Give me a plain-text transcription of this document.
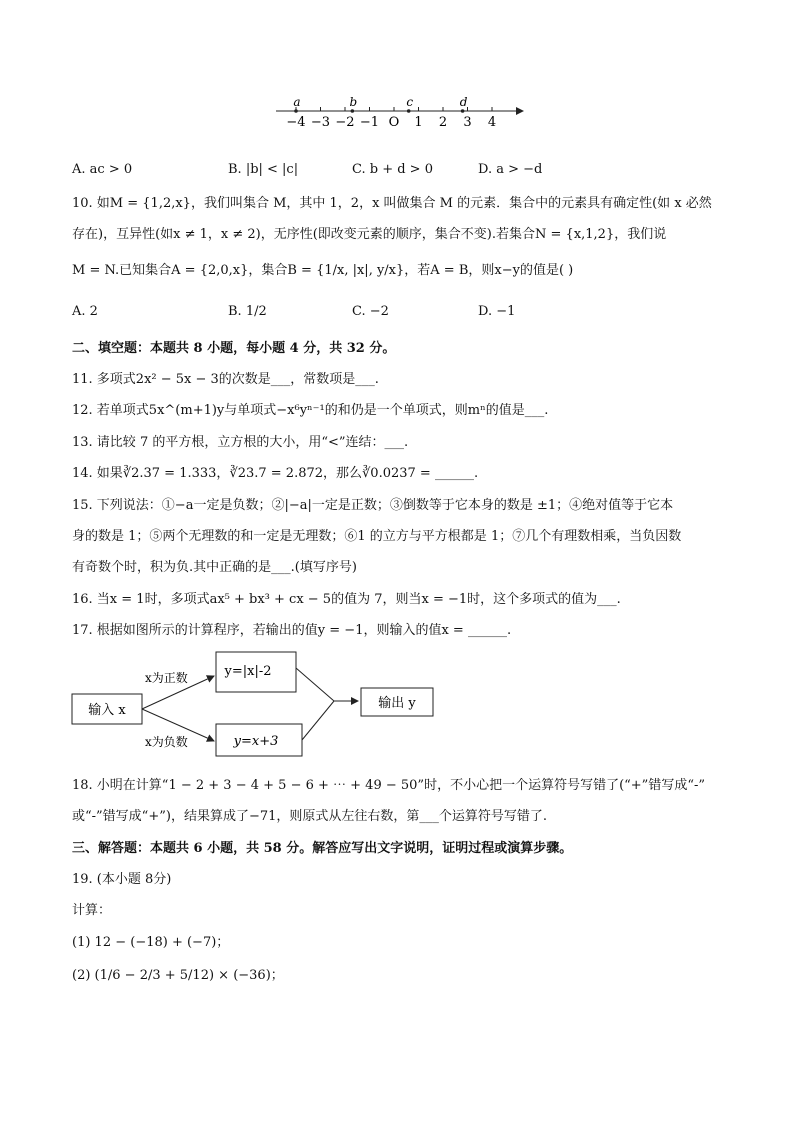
−4 −3 −2 −1 O 1 2 3 4
a	b	c	d
A. ac > 0	B. |b| < |c|	C. b + d > 0	D. a > −d
10. 如M = {1,2,x}，我们叫集合 M，其中 1，2，x 叫做集合 M 的元素．集合中的元素具有确定性(如 x 必然
存在)，互异性(如x ≠ 1，x ≠ 2)，无序性(即改变元素的顺序，集合不变).若集合N = {x,1,2}，我们说
M = N.已知集合A = {2,0,x}，集合B = {1/x, |x|, y/x}，若A = B，则x−y的值是( )
A. 2	B. 1/2	C. −2	D. −1
二、填空题：本题共 8 小题，每小题 4 分，共 32 分。
11. 多项式2x² − 5x − 3的次数是___，常数项是___.
12. 若单项式5x^(m+1)y与单项式−x⁶yⁿ⁻¹的和仍是一个单项式，则mⁿ的值是___.
13. 请比较 7 的平方根，立方根的大小，用“<”连结：___.
14. 如果∛2.37 = 1.333，∛23.7 = 2.872，那么∛0.0237 = ______.
15. 下列说法：①−a一定是负数；②|−a|一定是正数；③倒数等于它本身的数是 ±1；④绝对值等于它本
身的数是 1；⑤两个无理数的和一定是无理数；⑥1 的立方与平方根都是 1；⑦几个有理数相乘，当负因数
有奇数个时，积为负.其中正确的是___.(填写序号)
16. 当x = 1时，多项式ax⁵ + bx³ + cx − 5的值为 7，则当x = −1时，这个多项式的值为___.
17. 根据如图所示的计算程序，若输出的值y = −1，则输入的值x = ______.
输入 x
x为正数
x为负数
y=|x|-2
y=x+3
输出 y
18. 小明在计算“1 − 2 + 3 − 4 + 5 − 6 + ⋯ + 49 − 50”时，不小心把一个运算符号写错了(“+”错写成“-”
或“-”错写成“+”)，结果算成了−71，则原式从左往右数，第___个运算符号写错了.
三、解答题：本题共 6 小题，共 58 分。解答应写出文字说明，证明过程或演算步骤。
19. (本小题 8分)
计算：
(1) 12 − (−18) + (−7)；
(2) (1/6 − 2/3 + 5/12) × (−36)；
